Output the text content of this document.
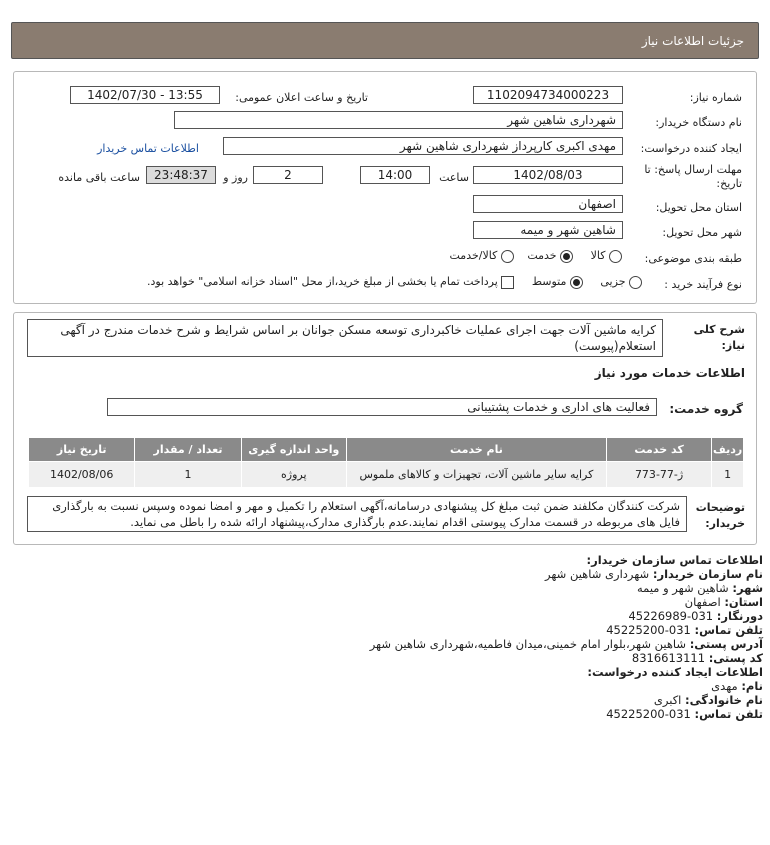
جزئیات اطلاعات نیاز
شماره نیاز:
1102094734000223
تاریخ و ساعت اعلان عمومی:
1402/07/30 - 13:55
نام دستگاه خریدار:
شهرداری شاهین شهر
ایجاد کننده درخواست:
مهدی اکبری کارپرداز شهرداری شاهین شهر
اطلاعات تماس خریدار
مهلت ارسال پاسخ: تا تاریخ:
1402/08/03
ساعت
14:00
2
روز و
23:48:37
ساعت باقی مانده
استان محل تحویل:
اصفهان
شهر محل تحویل:
شاهین شهر و میمه
طبقه بندی موضوعی:
کالا  خدمت  کالا/خدمت
نوع فرآیند خرید :
جزیی  متوسط  پرداخت تمام یا بخشی از مبلغ خرید،از محل "اسناد خزانه اسلامی" خواهد بود.
شرح کلی نیاز:
کرایه ماشین آلات جهت اجرای عملیات خاکبرداری توسعه مسکن جوانان بر اساس شرایط و شرح خدمات مندرج در آگهی استعلام(پیوست)
اطلاعات خدمات مورد نیاز
گروه خدمت:
فعالیت های اداری و خدمات پشتیبانی
ردیف	کد خدمت	نام خدمت	واحد اندازه گیری	تعداد / مقدار	تاریخ نیاز
1	ژ-77-773	کرایه سایر ماشین آلات، تجهیزات و کالاهای ملموس	پروژه	1	1402/08/06
توضیحات خریدار:
شرکت کنندگان مکلفند ضمن ثبت مبلغ کل پیشنهادی درسامانه،آگهی استعلام را تکمیل و مهر و امضا نموده وسپس نسبت به بارگذاری فایل های مربوطه در قسمت مدارک پیوستی اقدام نمایند.عدم بارگذاری مدارک،پیشنهاد ارائه شده را باطل می نماید.
اطلاعات تماس سازمان خریدار:
نام سازمان خریدار: شهرداری شاهین شهر
شهر: شاهین شهر و میمه
استان: اصفهان
دورنگار: 031-45226989
تلفن تماس: 031-45225200
آدرس پستی: شاهین شهر،بلوار امام خمینی،میدان فاطمیه،شهرداری شاهین شهر
کد پستی: 8316613111
اطلاعات ایجاد کننده درخواست:
نام: مهدی
نام خانوادگی: اکبری
تلفن تماس: 031-45225200
